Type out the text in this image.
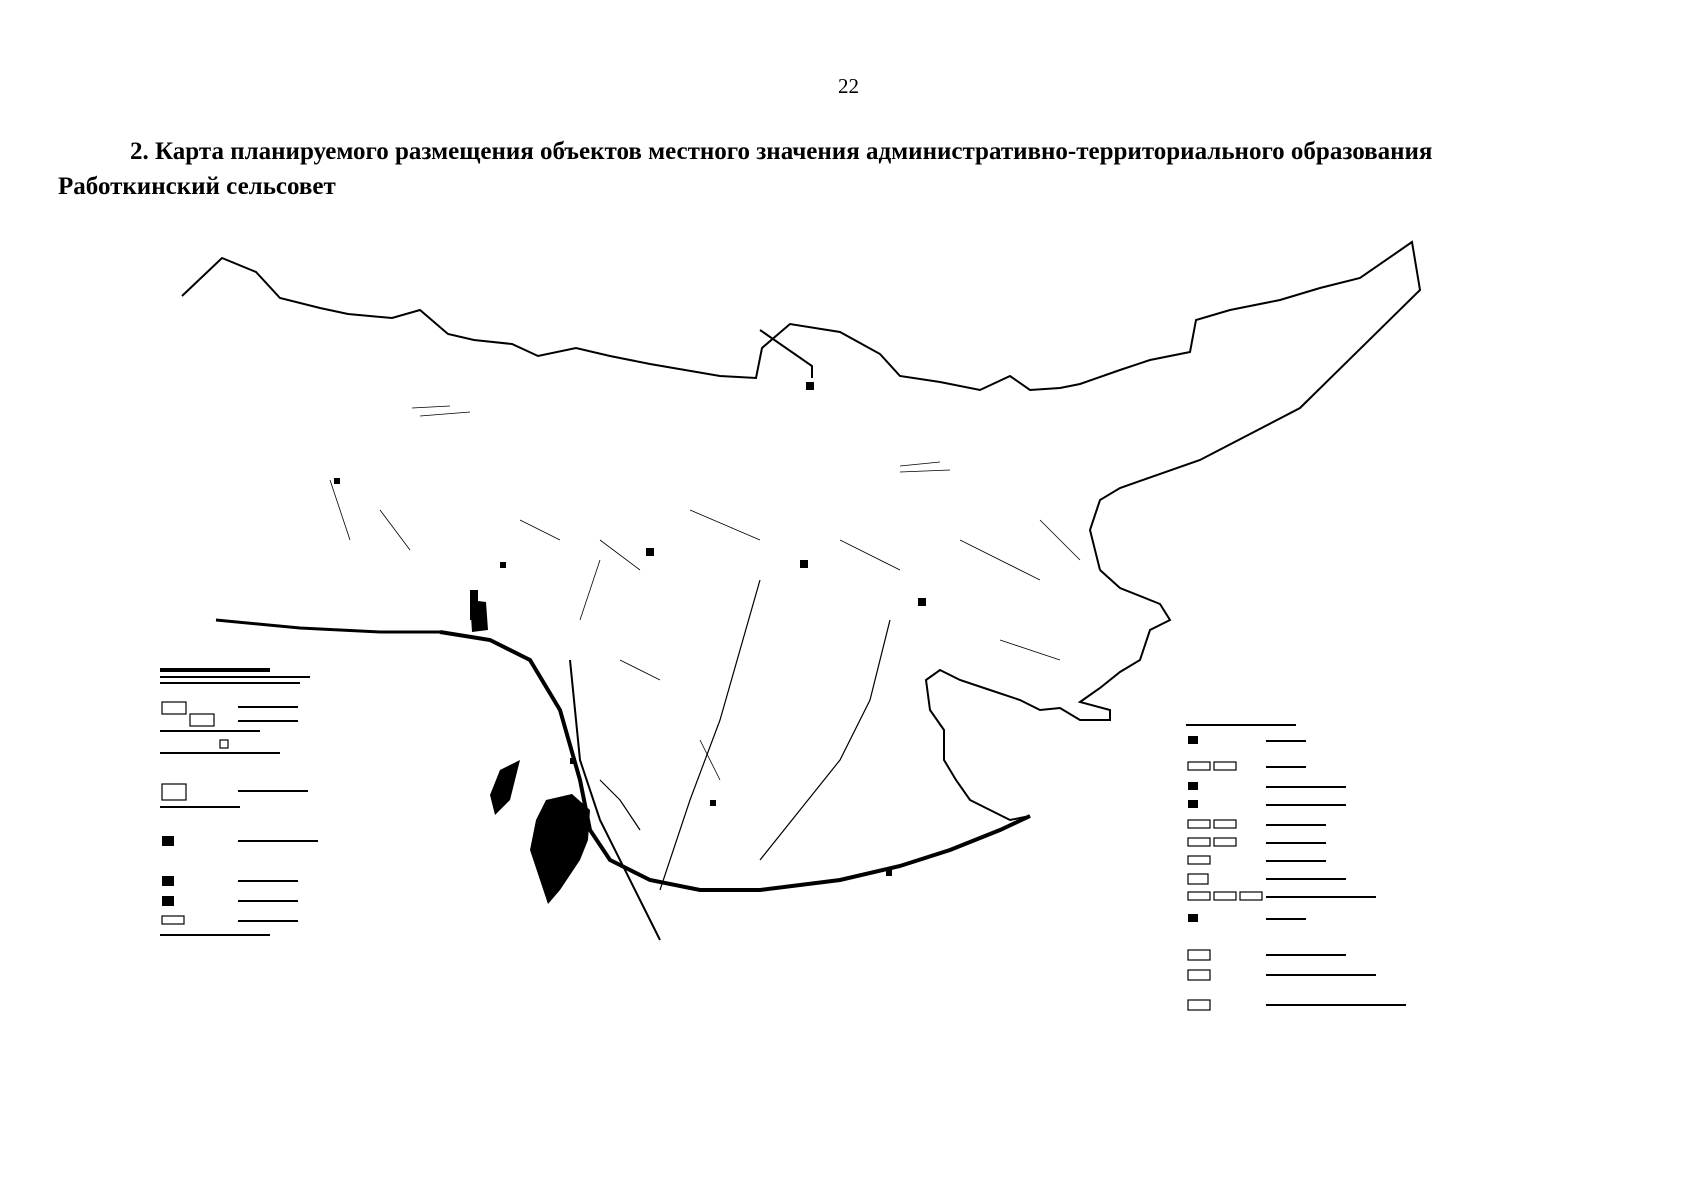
22
2. Карта планируемого размещения объектов местного значения административно-территориального образования
Работкинский сельсовет
